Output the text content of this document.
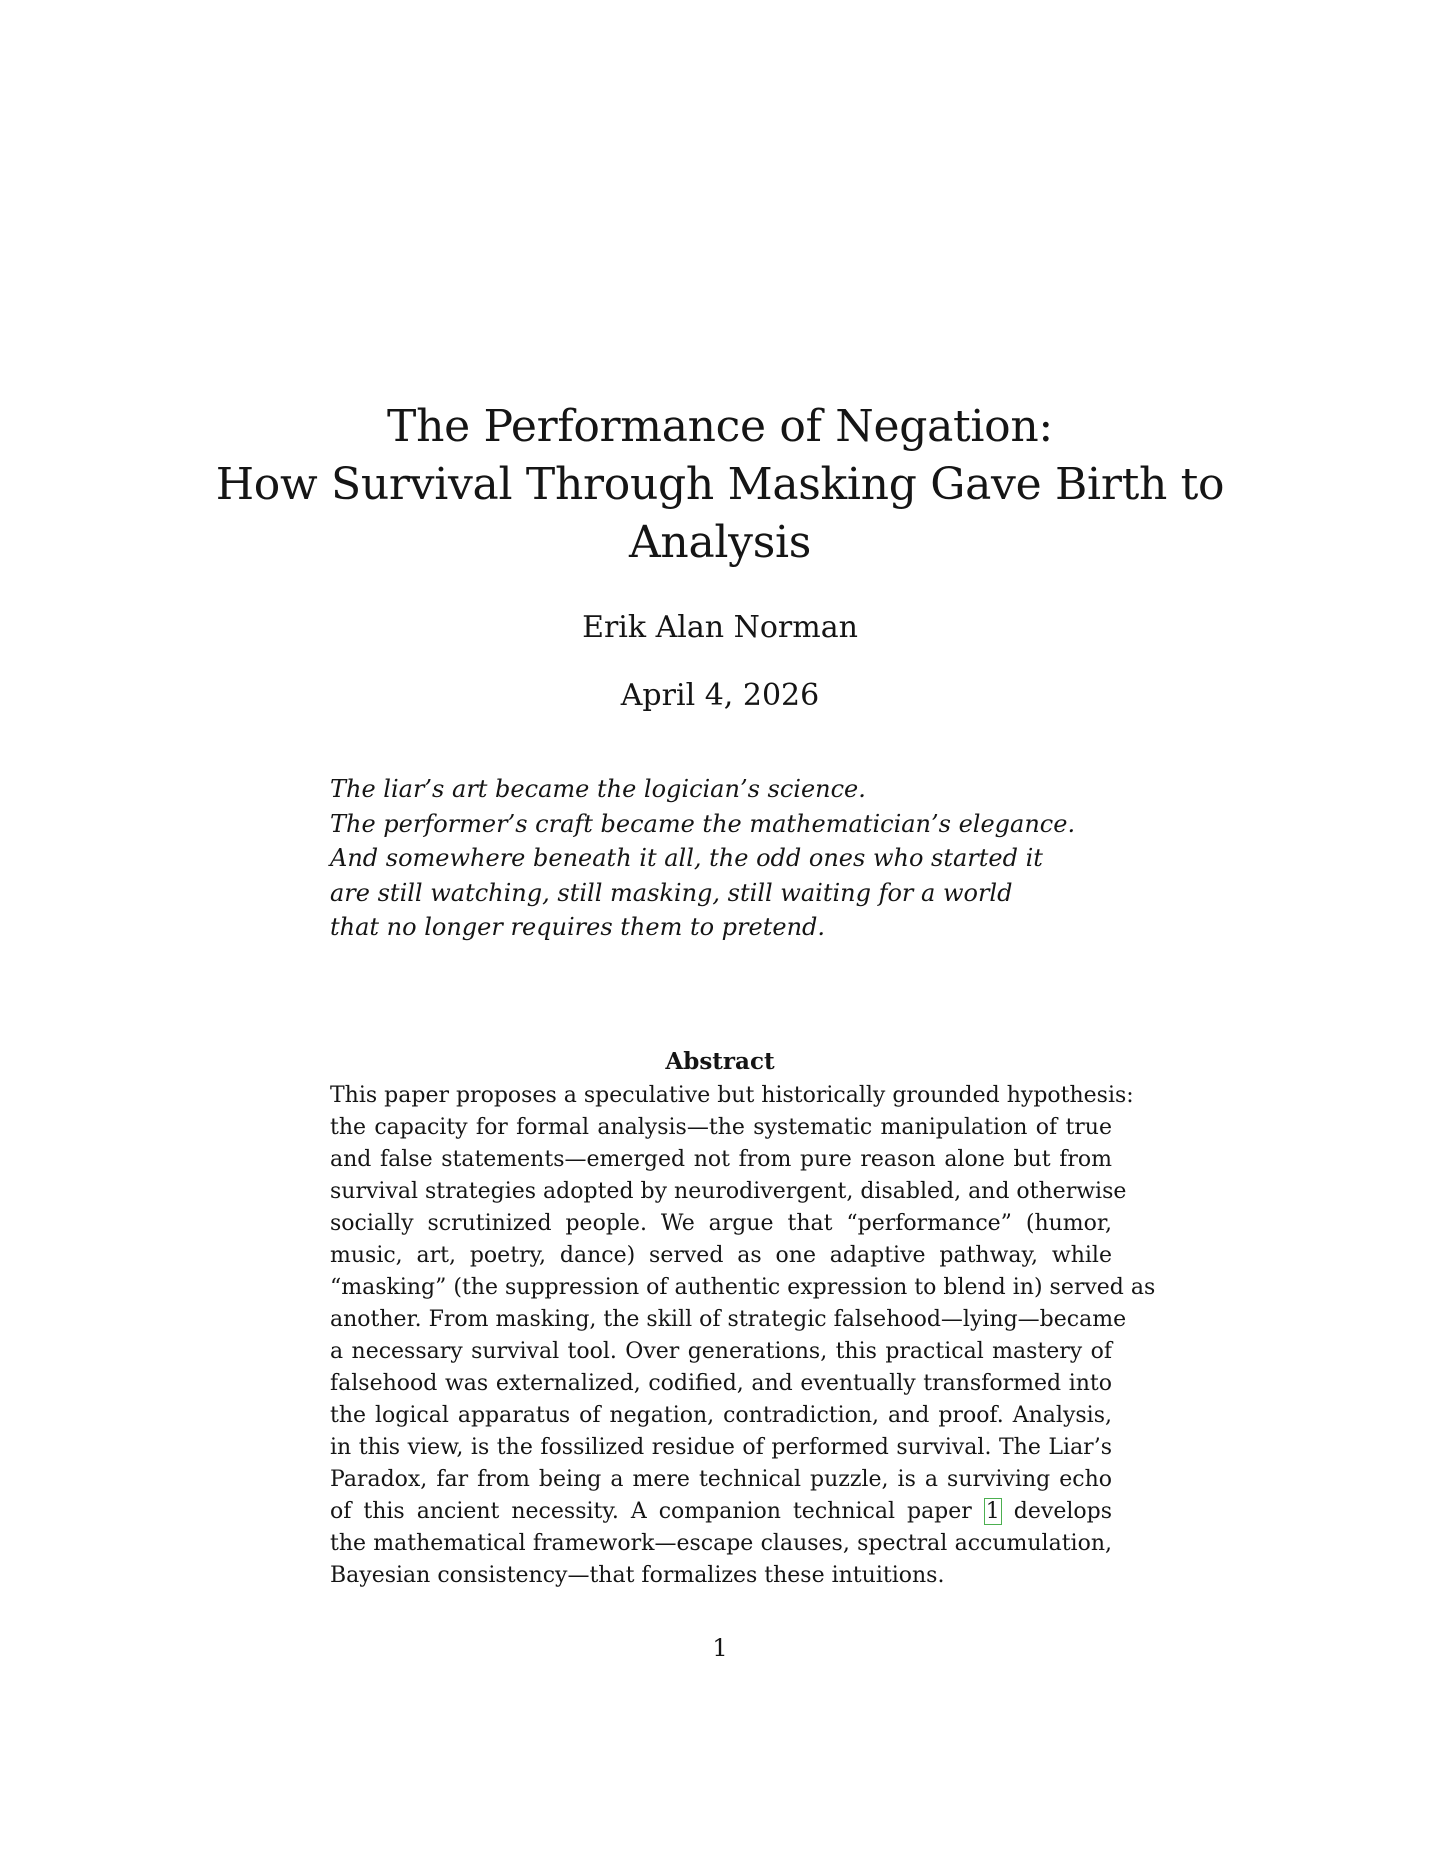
The Performance of Negation:
How Survival Through Masking Gave Birth to
Analysis
Erik Alan Norman
April 4, 2026
The liar’s art became the logician’s science.
The performer’s craft became the mathematician’s elegance.
And somewhere beneath it all, the odd ones who started it
are still watching, still masking, still waiting for a world
that no longer requires them to pretend.
Abstract
This paper proposes a speculative but historically grounded hypothesis:
the capacity for formal analysis—the systematic manipulation of true
and false statements—emerged not from pure reason alone but from
survival strategies adopted by neurodivergent, disabled, and otherwise
socially scrutinized people. We argue that “performance” (humor,
music, art, poetry, dance) served as one adaptive pathway, while
“masking” (the suppression of authentic expression to blend in) served as
another. From masking, the skill of strategic falsehood—lying—became
a necessary survival tool. Over generations, this practical mastery of
falsehood was externalized, codified, and eventually transformed into
the logical apparatus of negation, contradiction, and proof. Analysis,
in this view, is the fossilized residue of performed survival. The Liar’s
Paradox, far from being a mere technical puzzle, is a surviving echo
of this ancient necessity. A companion technical paper 1 develops
the mathematical framework—escape clauses, spectral accumulation,
Bayesian consistency—that formalizes these intuitions.
1
